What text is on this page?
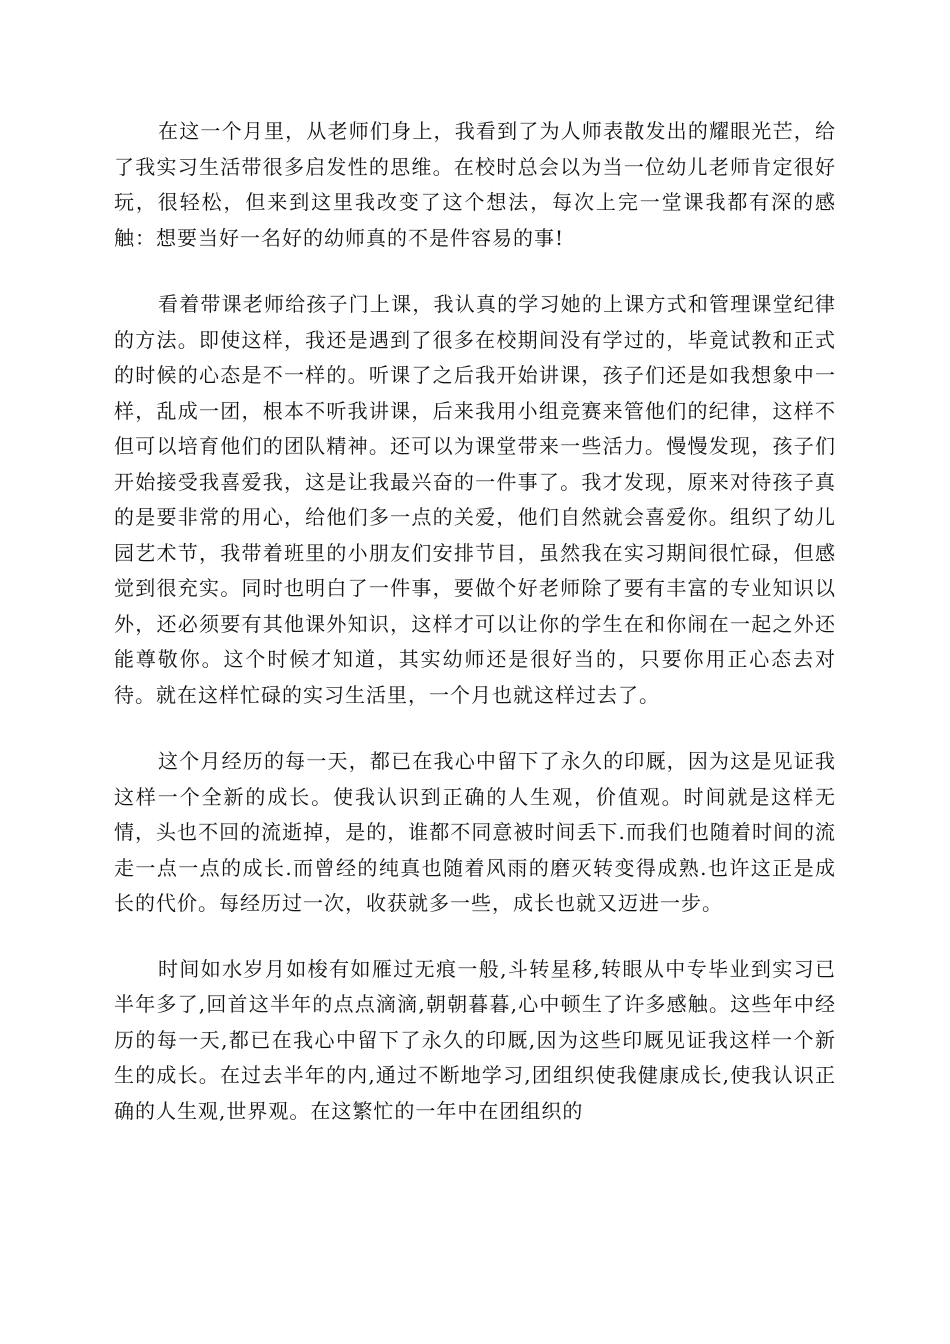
在这一个月里，从老师们身上，我看到了为人师表散发出的耀眼光芒，给了我实习生活带很多启发性的思维。在校时总会以为当一位幼儿老师肯定很好玩，很轻松，但来到这里我改变了这个想法，每次上完一堂课我都有深的感触：想要当好一名好的幼师真的不是件容易的事!

看着带课老师给孩子门上课，我认真的学习她的上课方式和管理课堂纪律的方法。即使这样，我还是遇到了很多在校期间没有学过的，毕竟试教和正式的时候的心态是不一样的。听课了之后我开始讲课，孩子们还是如我想象中一样，乱成一团，根本不听我讲课，后来我用小组竞赛来管他们的纪律，这样不但可以培育他们的团队精神。还可以为课堂带来一些活力。慢慢发现，孩子们开始接受我喜爱我，这是让我最兴奋的一件事了。我才发现，原来对待孩子真的是要非常的用心，给他们多一点的关爱，他们自然就会喜爱你。组织了幼儿园艺术节，我带着班里的小朋友们安排节目，虽然我在实习期间很忙碌，但感觉到很充实。同时也明白了一件事，要做个好老师除了要有丰富的专业知识以外，还必须要有其他课外知识，这样才可以让你的学生在和你闹在一起之外还能尊敬你。这个时候才知道，其实幼师还是很好当的，只要你用正心态去对待。就在这样忙碌的实习生活里，一个月也就这样过去了。

这个月经历的每一天，都已在我心中留下了永久的印厩，因为这是见证我这样一个全新的成长。使我认识到正确的人生观，价值观。时间就是这样无情，头也不回的流逝掉，是的，谁都不同意被时间丢下.而我们也随着时间的流走一点一点的成长.而曾经的纯真也随着风雨的磨灭转变得成熟.也许这正是成长的代价。每经历过一次，收获就多一些，成长也就又迈进一步。

时间如水岁月如梭有如雁过无痕一般,斗转星移,转眼从中专毕业到实习已半年多了,回首这半年的点点滴滴,朝朝暮暮,心中顿生了许多感触。这些年中经历的每一天,都已在我心中留下了永久的印厩,因为这些印厩见证我这样一个新生的成长。在过去半年的内,通过不断地学习,团组织使我健康成长,使我认识正确的人生观,世界观。在这繁忙的一年中在团组织的
